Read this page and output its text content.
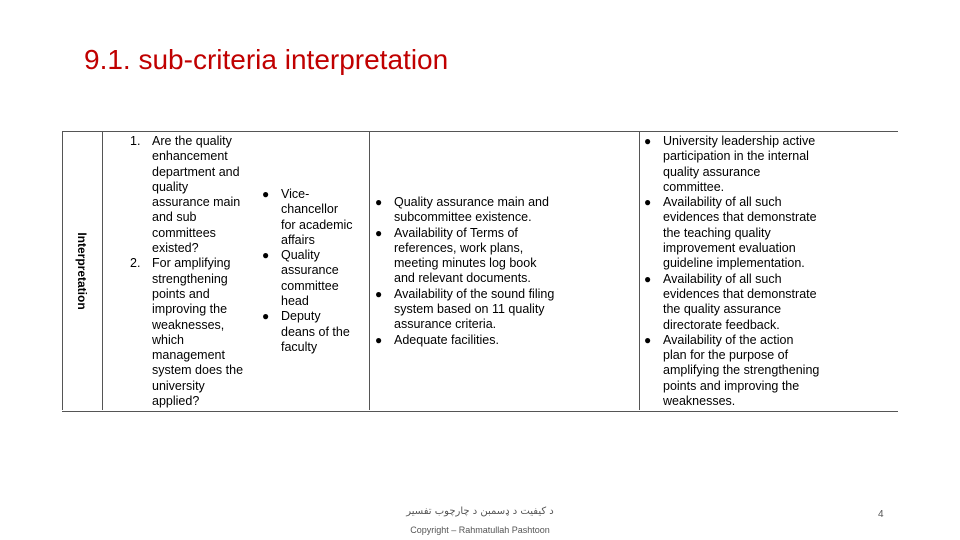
9.1. sub-criteria interpretation
Interpretation
1. Are the quality
enhancement
department and
quality
assurance main
and sub
committees
existed?
2. For amplifying
strengthening
points and
improving the
weaknesses,
which
management
system does the
university
applied?
● Vice-
chancellor
for academic
affairs
● Quality
assurance
committee
head
● Deputy
deans of the
faculty
● Quality assurance main and
subcommittee existence.
● Availability of Terms of
references, work plans,
meeting minutes log book
and relevant documents.
● Availability of the sound filing
system based on 11 quality
assurance criteria.
● Adequate facilities.
● University leadership active
participation in the internal
quality assurance
committee.
● Availability of all such
evidences that demonstrate
the teaching quality
improvement evaluation
guideline implementation.
● Availability of all such
evidences that demonstrate
the quality assurance
directorate feedback.
● Availability of the action
plan for the purpose of
amplifying the strengthening
points and improving the
weaknesses.
د کیفیت د ډسمبن د چارچوب تفسیر
Copyright – Rahmatullah Pashtoon
4
